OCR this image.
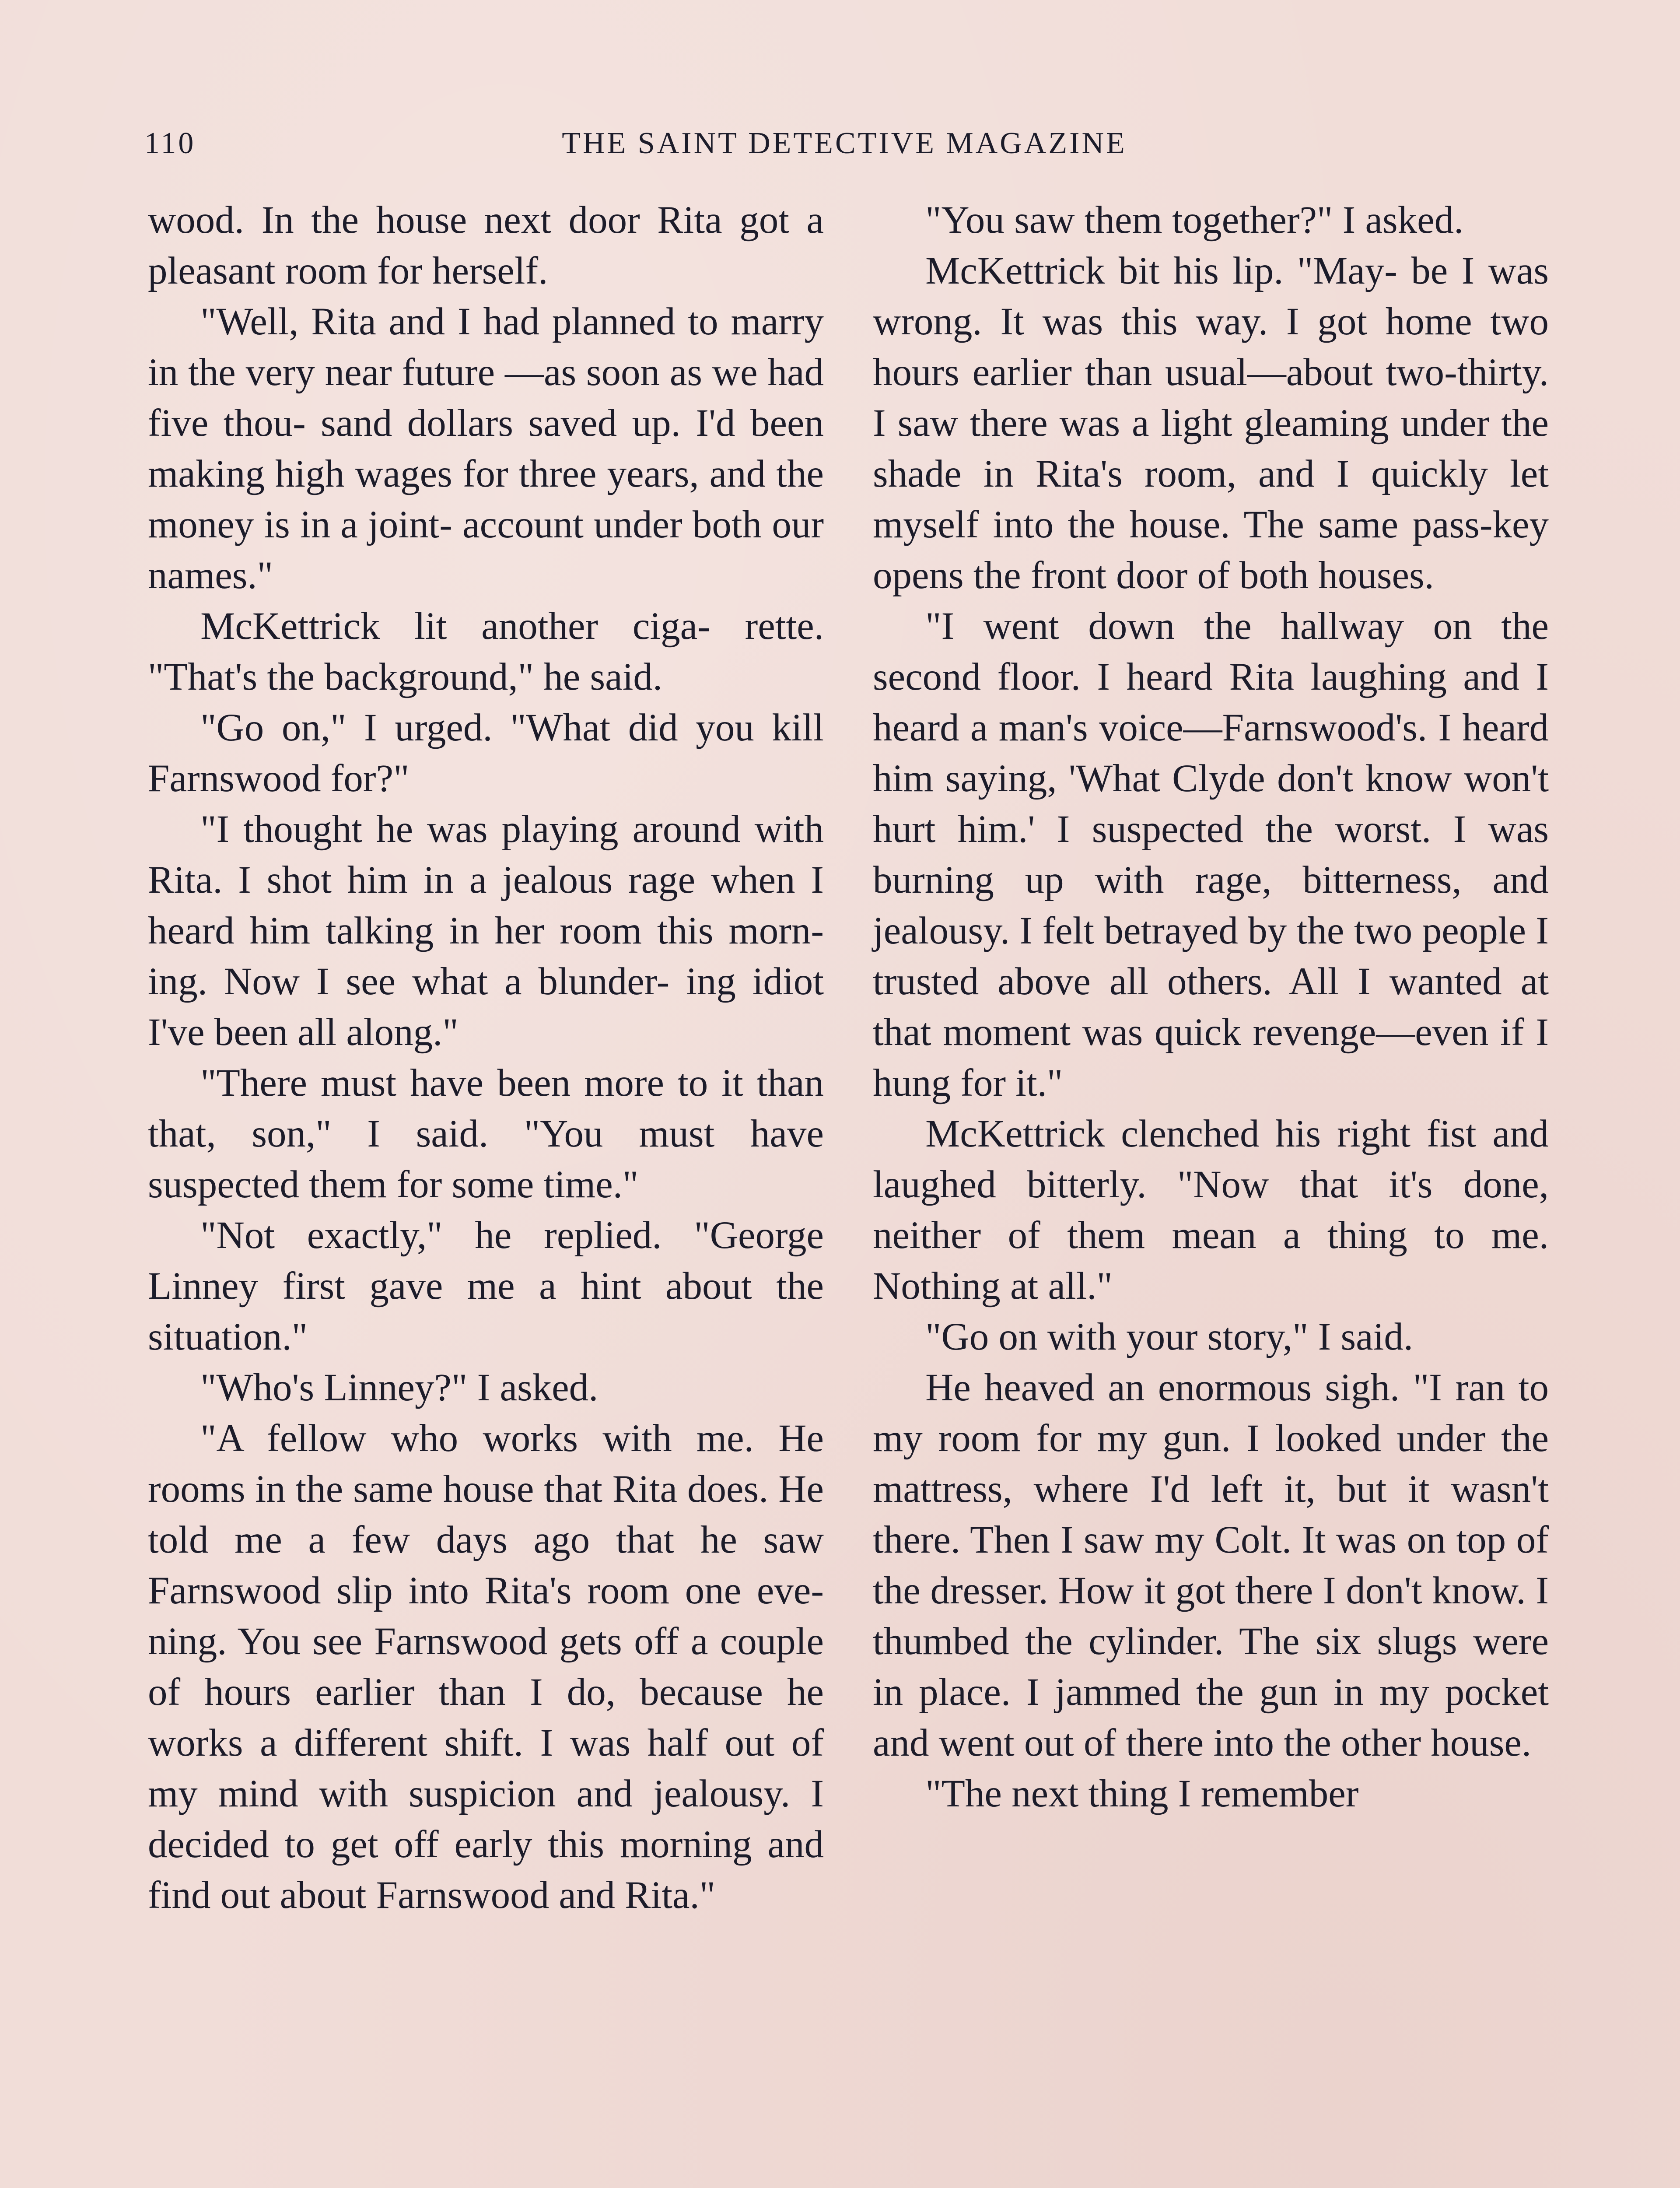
110	THE SAINT DETECTIVE MAGAZINE

wood. In the house next door Rita got a pleasant room for herself.

"Well, Rita and I had planned to marry in the very near future —as soon as we had five thou- sand dollars saved up. I'd been making high wages for three years, and the money is in a joint- account under both our names."

McKettrick lit another ciga- rette. "That's the background," he said.

"Go on," I urged. "What did you kill Farnswood for?"

"I thought he was playing around with Rita. I shot him in a jealous rage when I heard him talking in her room this morn- ing. Now I see what a blunder- ing idiot I've been all along."

"There must have been more to it than that, son," I said. "You must have suspected them for some time."

"Not exactly," he replied. "George Linney first gave me a hint about the situation."

"Who's Linney?" I asked.

"A fellow who works with me. He rooms in the same house that Rita does. He told me a few days ago that he saw Farnswood slip into Rita's room one eve- ning. You see Farnswood gets off a couple of hours earlier than I do, because he works a different shift. I was half out of my mind with suspicion and jealousy. I decided to get off early this morning and find out about Farnswood and Rita."

"You saw them together?" I asked.

McKettrick bit his lip. "May- be I was wrong. It was this way. I got home two hours earlier than usual—about two-thirty. I saw there was a light gleaming under the shade in Rita's room, and I quickly let myself into the house. The same pass-key opens the front door of both houses.

"I went down the hallway on the second floor. I heard Rita laughing and I heard a man's voice—Farnswood's. I heard him saying, 'What Clyde don't know won't hurt him.' I suspected the worst. I was burning up with rage, bitterness, and jealousy. I felt betrayed by the two people I trusted above all others. All I wanted at that moment was quick revenge—even if I hung for it."

McKettrick clenched his right fist and laughed bitterly. "Now that it's done, neither of them mean a thing to me. Nothing at all."

"Go on with your story," I said.

He heaved an enormous sigh. "I ran to my room for my gun. I looked under the mattress, where I'd left it, but it wasn't there. Then I saw my Colt. It was on top of the dresser. How it got there I don't know. I thumbed the cylinder. The six slugs were in place. I jammed the gun in my pocket and went out of there into the other house.

"The next thing I remember
